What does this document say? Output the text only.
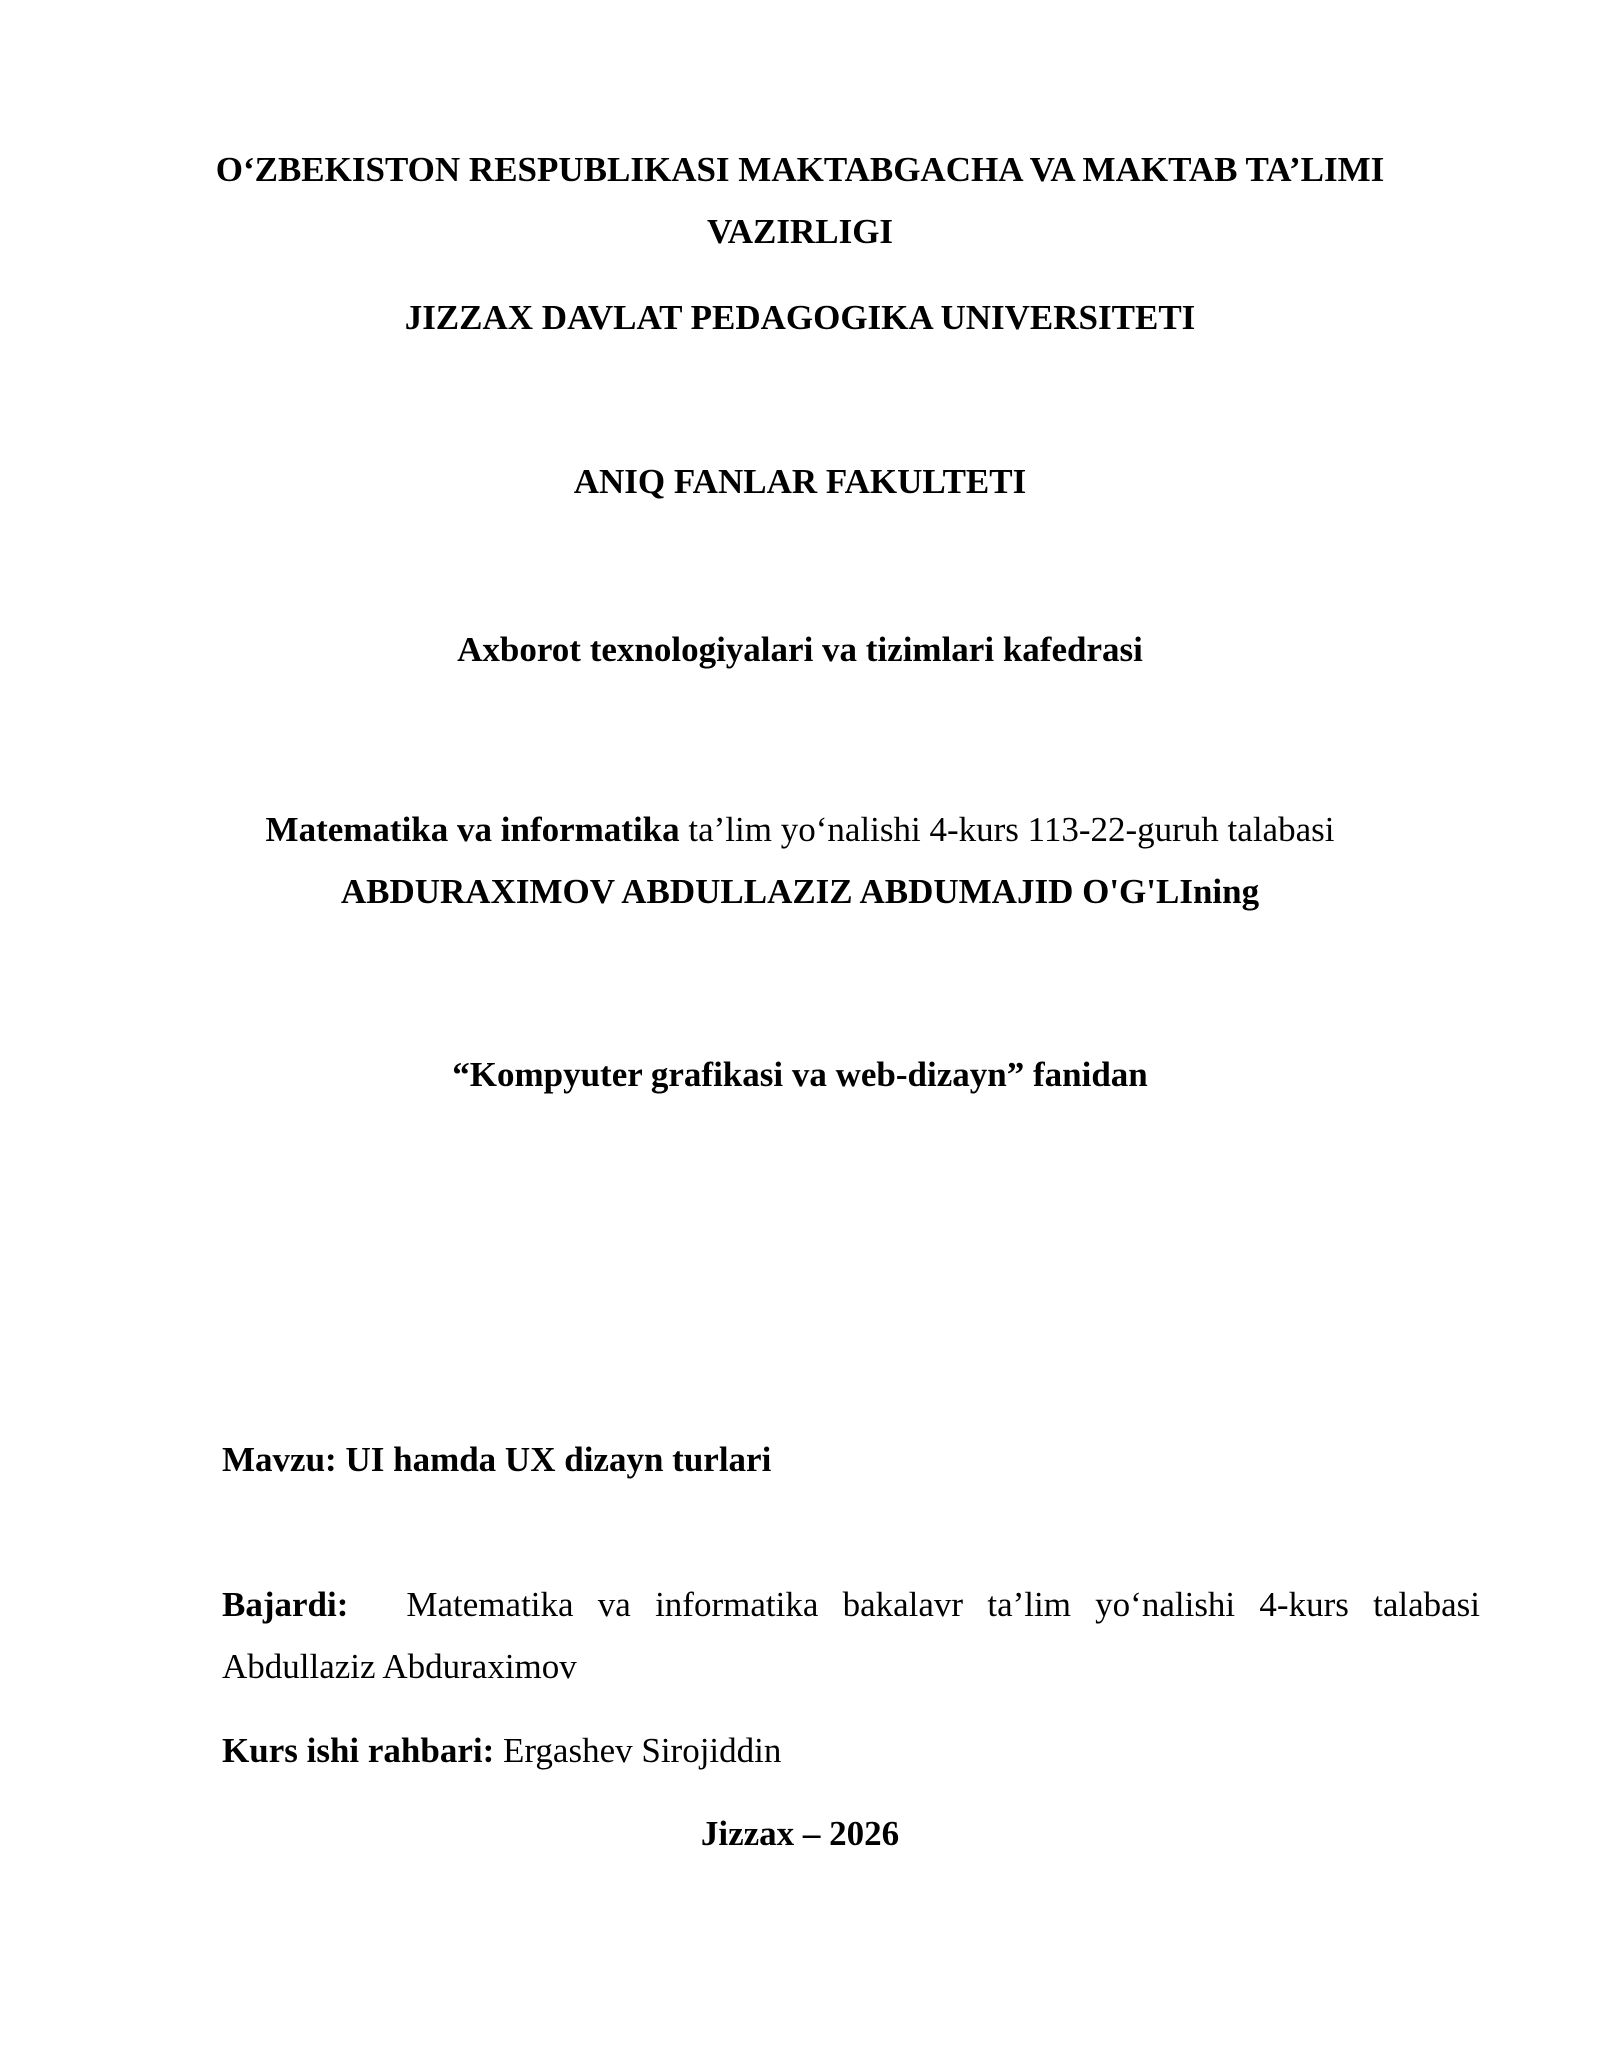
O‘ZBEKISTON RESPUBLIKASI MAKTABGACHA VA MAKTAB TA’LIMI
VAZIRLIGI
JIZZAX DAVLAT PEDAGOGIKA UNIVERSITETI
ANIQ FANLAR FAKULTETI
Axborot texnologiyalari va tizimlari kafedrasi
Matematika va informatika ta’lim yo‘nalishi 4-kurs 113-22-guruh talabasi
ABDURAXIMOV ABDULLAZIZ ABDUMAJID O'G'LIning
“Kompyuter grafikasi va web-dizayn” fanidan
Mavzu: UI hamda UX dizayn turlari
Bajardi: Matematika va informatika bakalavr ta’lim yo‘nalishi 4-kurs talabasi
Abdullaziz Abduraximov
Kurs ishi rahbari: Ergashev Sirojiddin
Jizzax – 2026
